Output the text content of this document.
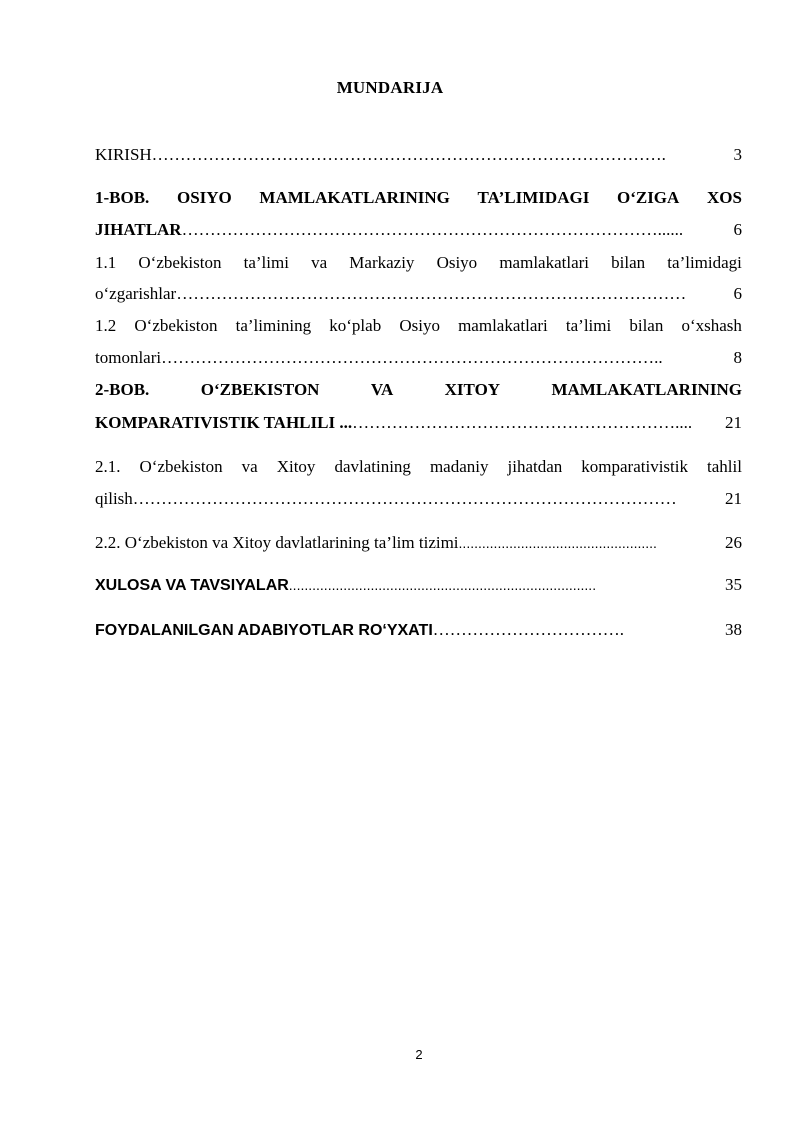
MUNDARIJA
KIRISH ……………………………………………………………………………….	3
1-BOB. OSIYO MAMLAKATLARINING TA’LIMIDAGI O‘ZIGA XOS
JIHATLAR …………………………………………………………………………......	6
1.1 O‘zbekiston ta’limi va Markaziy Osiyo mamlakatlari bilan ta’limidagi
o‘zgarishlar ………………………………………………………………………………	6
1.2 O‘zbekiston ta’limining ko‘plab Osiyo mamlakatlari ta’limi bilan o‘xshash
tomonlari ……………………………………………………………………………..	8
2-BOB.	O‘ZBEKISTON	VA	XITOY	MAMLAKATLARINING
KOMPARATIVISTIK TAHLILI ... …………………………………………………....	21
2.1. O‘zbekiston va Xitoy davlatining madaniy jihatdan komparativistik tahlil
qilish ……………………………………………………………………………………	21
2.2. O‘zbekiston va Xitoy davlatlarining ta’lim tizimi ...................................................	26
XULOSA VA TAVSIYALAR ...............................................................................	35
FOYDALANILGAN ADABIYOTLAR RO‘YXATI …………………………….	38
2
